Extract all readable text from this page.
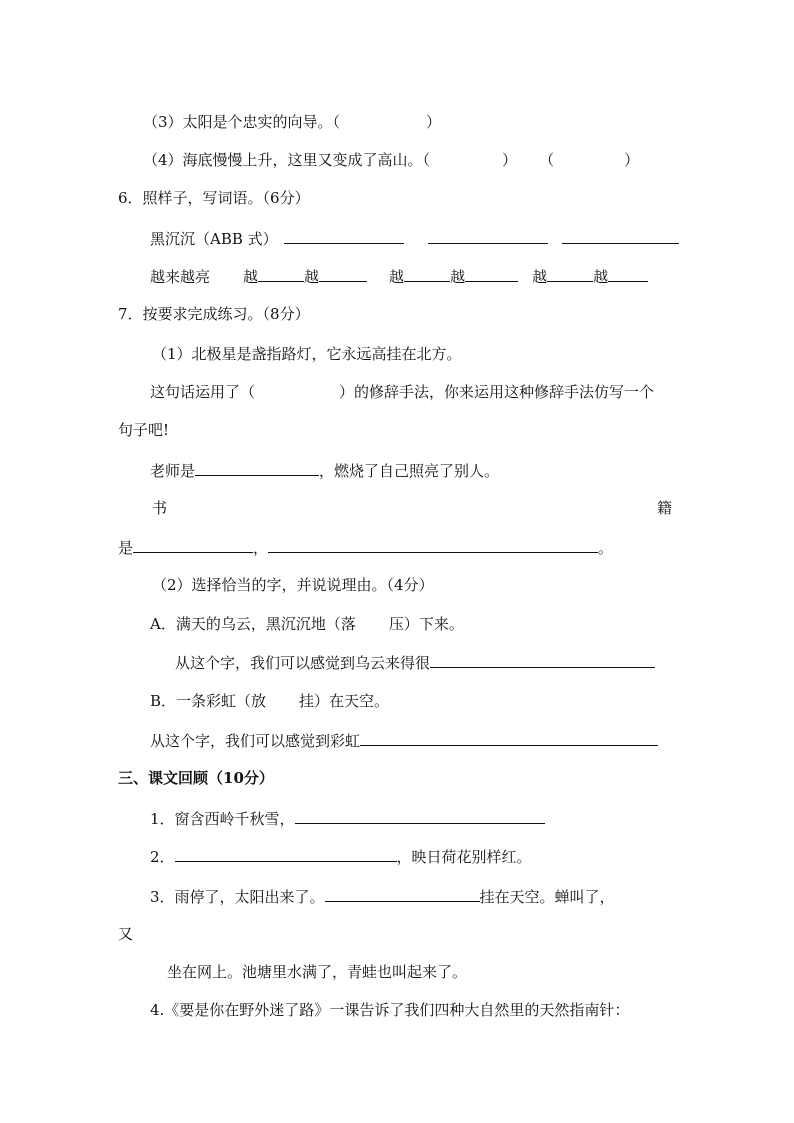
（3）太阳是个忠实的向导。（	）
（4）海底慢慢上升，这里又变成了高山。（	） （	）
6．照样子，写词语。（6分）
黑沉沉（ABB 式）
越来越亮 越	越	越	越	越	越
7．按要求完成练习。（8分）
（1）北极星是盏指路灯，它永远高挂在北方。
这句话运用了（	）的修辞手法，你来运用这种修辞手法仿写一个
句子吧!
老师是	，燃烧了自己照亮了别人。
书	籍
是	，	。
（2）选择恰当的字，并说说理由。（4分）
A．满天的乌云，黑沉沉地（落 压）下来。
从这个字，我们可以感觉到乌云来得很
B．一条彩虹（放 挂）在天空。
从这个字，我们可以感觉到彩虹
三、课文回顾（10分）
1．窗含西岭千秋雪，
2．	，映日荷花别样红。
3．雨停了，太阳出来了。	挂在天空。蝉叫了，
又
坐在网上。池塘里水满了，青蛙也叫起来了。
4.《要是你在野外迷了路》一课告诉了我们四种大自然里的天然指南针：
